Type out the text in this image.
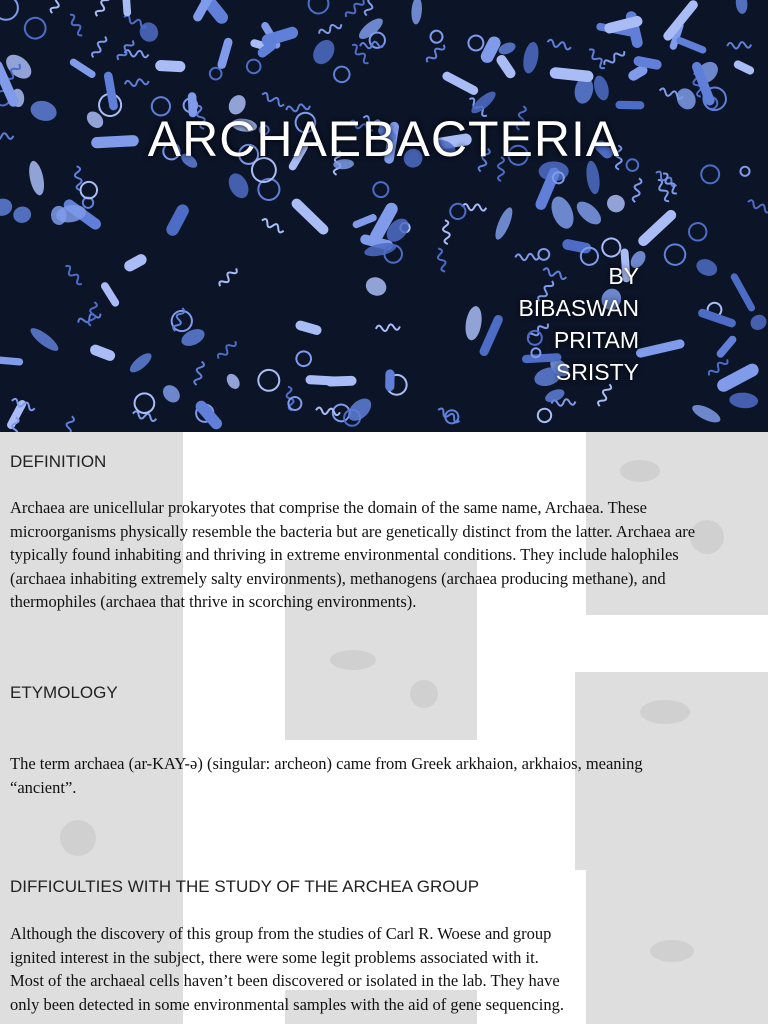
ARCHAEBACTERIA
BY
BIBASWAN
PRITAM
SRISTY
DEFINITION
Archaea are unicellular prokaryotes that comprise the domain of the same name, Archaea. These microorganisms physically resemble the bacteria but are genetically distinct from the latter. Archaea are typically found inhabiting and thriving in extreme environmental conditions. They include halophiles (archaea inhabiting extremely salty environments), methanogens (archaea producing methane), and thermophiles (archaea that thrive in scorching environments).
ETYMOLOGY
The term archaea (ar-KAY-ə) (singular: archeon) came from Greek arkhaion, arkhaios, meaning “ancient”.
DIFFICULTIES WITH THE STUDY OF THE ARCHEA GROUP
Although the discovery of this group from the studies of Carl R. Woese and group ignited interest in the subject, there were some legit problems associated with it. Most of the archaeal cells haven’t been discovered or isolated in the lab. They have only been detected in some environmental samples with the aid of gene sequencing.
